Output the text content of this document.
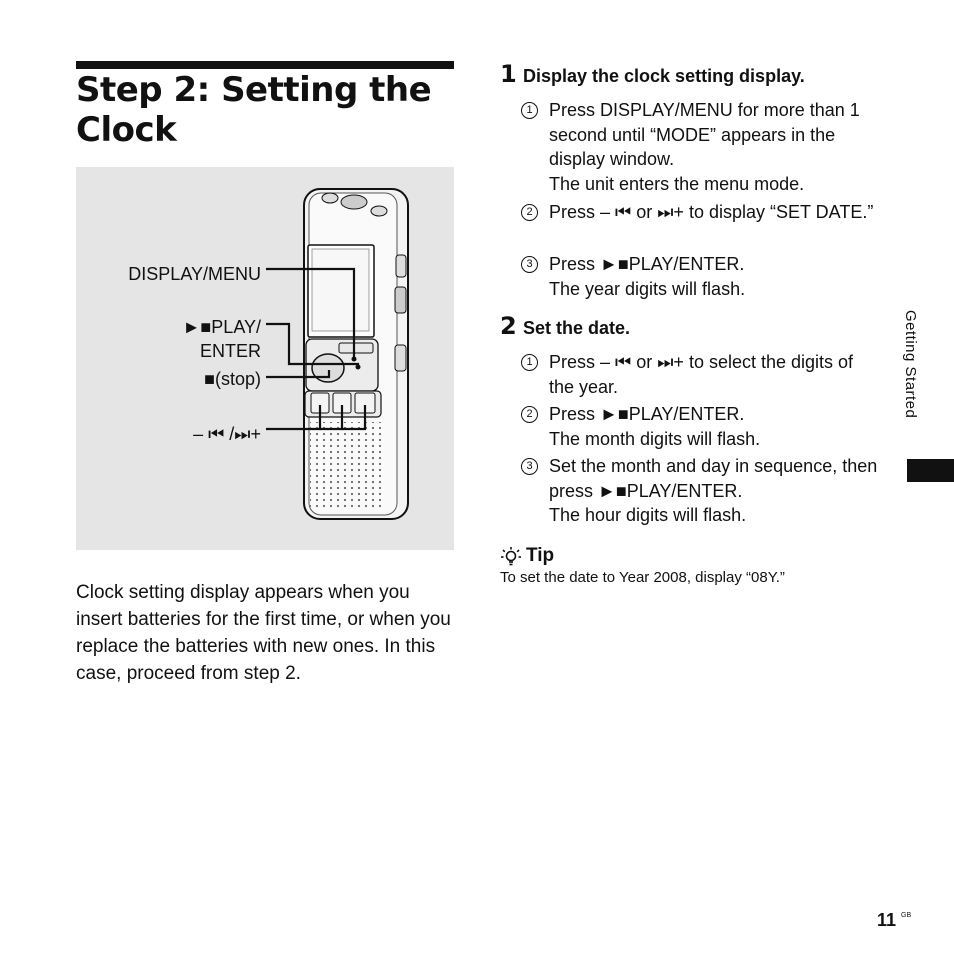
Step 2: Setting the Clock
DISPLAY/MENU
►■PLAY/
ENTER
■(stop)
– ⏮ /⏭+

Clock setting display appears when you insert batteries for the first time, or when you replace the batteries with new ones. In this case, proceed from step 2.

1 Display the clock setting display.
1 Press DISPLAY/MENU for more than 1 second until “MODE” appears in the display window.
The unit enters the menu mode.
2 Press – ⏮ or ⏭+ to display “SET DATE.”
3 Press ►■PLAY/ENTER.
The year digits will flash.
2 Set the date.
1 Press – ⏮ or ⏭+ to select the digits of the year.
2 Press ►■PLAY/ENTER.
The month digits will flash.
3 Set the month and day in sequence, then press ►■PLAY/ENTER.
The hour digits will flash.
Tip
To set the date to Year 2008, display “08Y.”
Getting Started
11 GB
